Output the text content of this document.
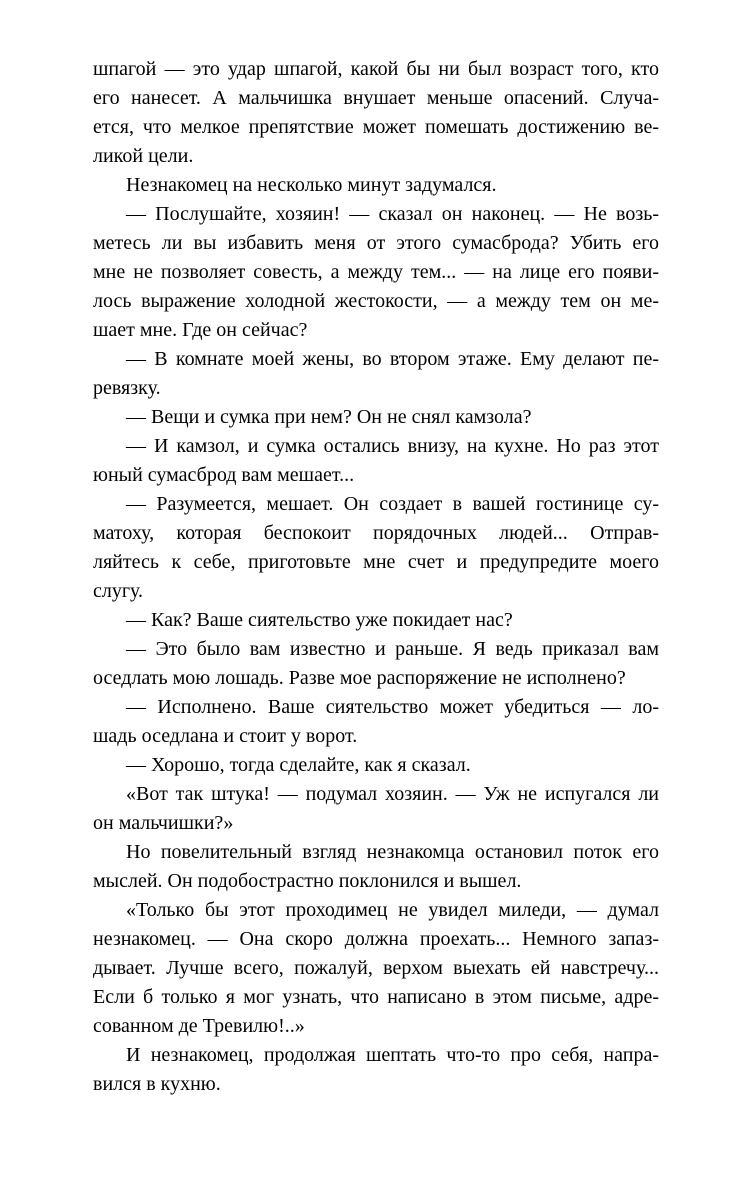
шпагой — это удар шпагой, какой бы ни был возраст того, кто
его нанесет. А мальчишка внушает меньше опасений. Случа-
ется, что мелкое препятствие может помешать достижению ве-
ликой цели.
Незнакомец на несколько минут задумался.
— Послушайте, хозяин! — сказал он наконец. — Не возь-
метесь ли вы избавить меня от этого сумасброда? Убить его
мне не позволяет совесть, а между тем... — на лице его появи-
лось выражение холодной жестокости, — а между тем он ме-
шает мне. Где он сейчас?
— В комнате моей жены, во втором этаже. Ему делают пе-
ревязку.
— Вещи и сумка при нем? Он не снял камзола?
— И камзол, и сумка остались внизу, на кухне. Но раз этот
юный сумасброд вам мешает...
— Разумеется, мешает. Он создает в вашей гостинице су-
матоху, которая беспокоит порядочных людей... Отправ-
ляйтесь к себе, приготовьте мне счет и предупредите моего
слугу.
— Как? Ваше сиятельство уже покидает нас?
— Это было вам известно и раньше. Я ведь приказал вам
оседлать мою лошадь. Разве мое распоряжение не исполнено?
— Исполнено. Ваше сиятельство может убедиться — ло-
шадь оседлана и стоит у ворот.
— Хорошо, тогда сделайте, как я сказал.
«Вот так штука! — подумал хозяин. — Уж не испугался ли
он мальчишки?»
Но повелительный взгляд незнакомца остановил поток его
мыслей. Он подобострастно поклонился и вышел.
«Только бы этот проходимец не увидел миледи, — думал
незнакомец. — Она скоро должна проехать... Немного запаз-
дывает. Лучше всего, пожалуй, верхом выехать ей навстречу...
Если б только я мог узнать, что написано в этом письме, адре-
сованном де Тревилю!..»
И незнакомец, продолжая шептать что-то про себя, напра-
вился в кухню.
